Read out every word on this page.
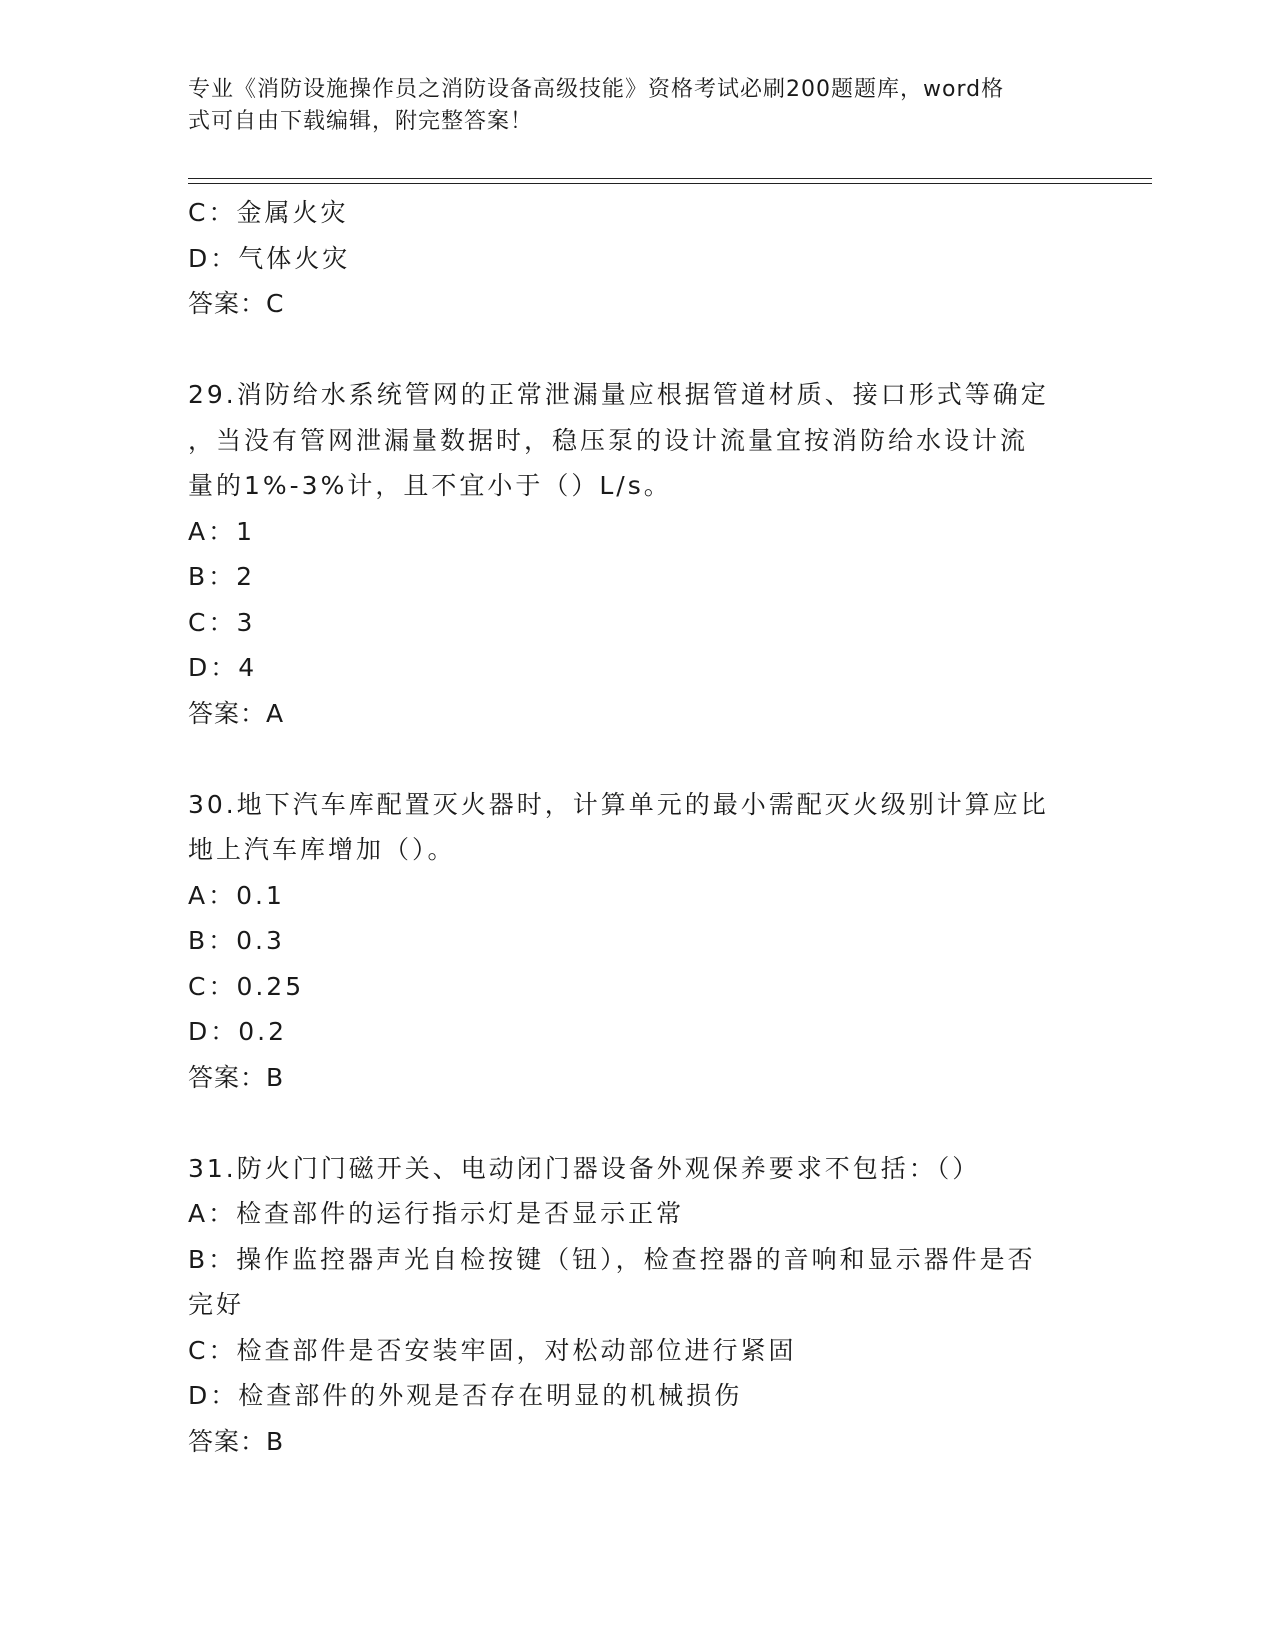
专业《消防设施操作员之消防设备高级技能》资格考试必刷200题题库，word格
式可自由下载编辑，附完整答案！
C：金属火灾
D：气体火灾
答案：C
29.消防给水系统管网的正常泄漏量应根据管道材质、接口形式等确定
，当没有管网泄漏量数据时，稳压泵的设计流量宜按消防给水设计流
量的1%-3%计，且不宜小于（）L/s。
A：1
B：2
C：3
D：4
答案：A
30.地下汽车库配置灭火器时，计算单元的最小需配灭火级别计算应比
地上汽车库增加（）。
A：0.1
B：0.3
C：0.25
D：0.2
答案：B
31.防火门门磁开关、电动闭门器设备外观保养要求不包括：（）
A：检查部件的运行指示灯是否显示正常
B：操作监控器声光自检按键（钮），检查控器的音响和显示器件是否
完好
C：检查部件是否安装牢固，对松动部位进行紧固
D：检查部件的外观是否存在明显的机械损伤
答案：B
